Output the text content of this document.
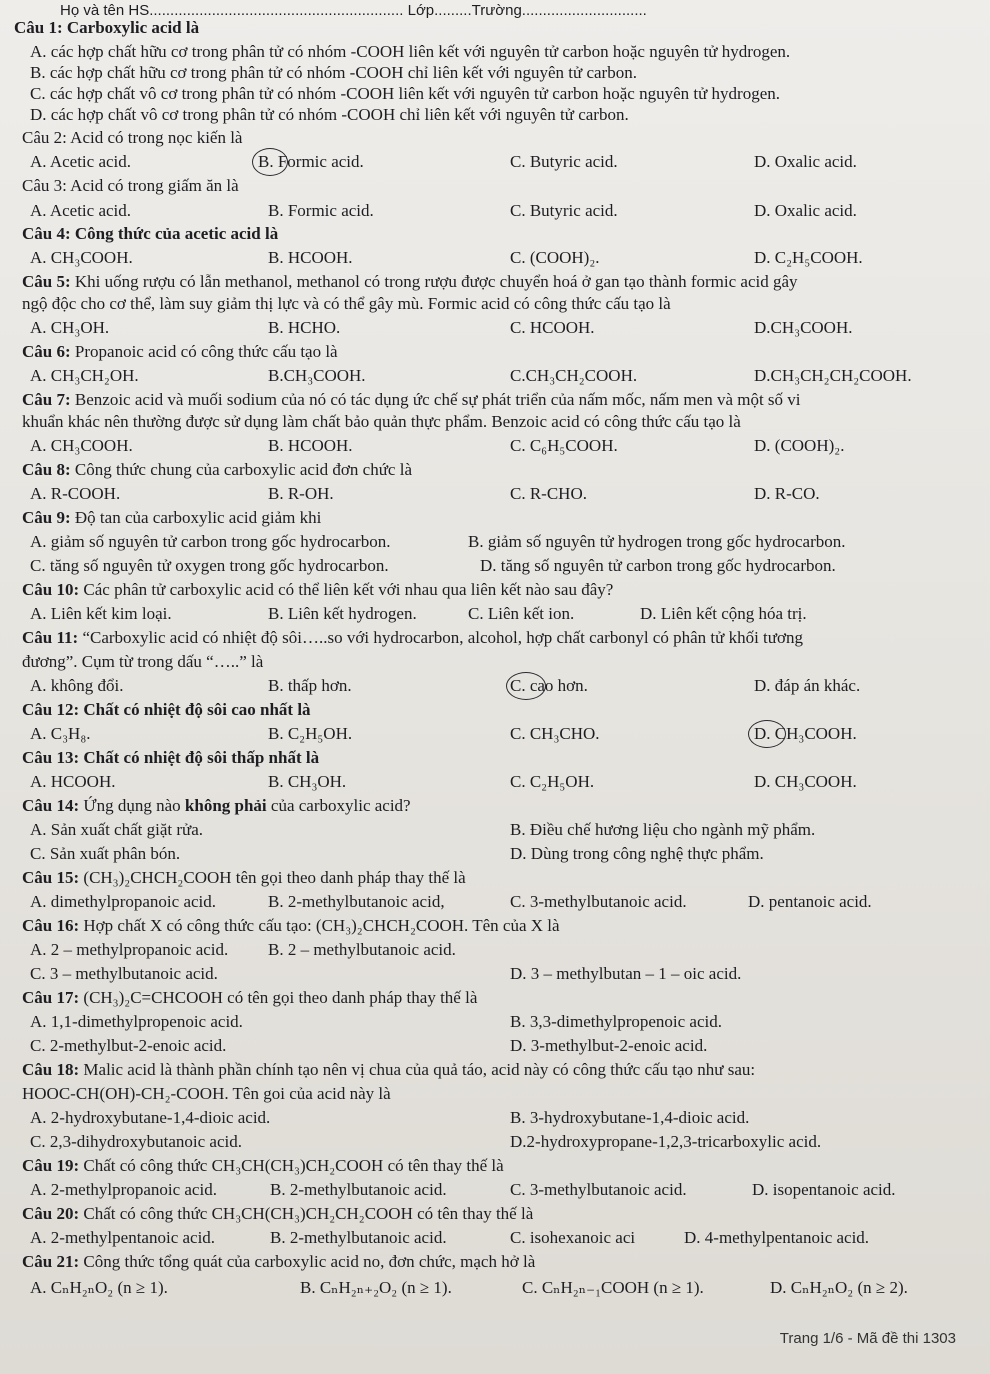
Họ và tên HS............................................................. Lớp.........Trường..............................
Câu 1: Carboxylic acid là
A. các hợp chất hữu cơ trong phân tử có nhóm -COOH liên kết với nguyên tử carbon hoặc nguyên tử hydrogen.
B. các hợp chất hữu cơ trong phân tử có nhóm -COOH chỉ liên kết với nguyên tử carbon.
C. các hợp chất vô cơ trong phân tử có nhóm -COOH liên kết với nguyên tử carbon hoặc nguyên tử hydrogen.
D. các hợp chất vô cơ trong phân tử có nhóm -COOH chỉ liên kết với nguyên tử carbon.
Câu 2: Acid có trong nọc kiến là
A. Acetic acid.	B. Formic acid.	C. Butyric acid.	D. Oxalic acid.
Câu 3: Acid có trong giấm ăn là
A. Acetic acid.	B. Formic acid.	C. Butyric acid.	D. Oxalic acid.
Câu 4: Công thức của acetic acid là
A. CH₃COOH.	B. HCOOH.	C. (COOH)₂.	D. C₂H₅COOH.
Câu 5: Khi uống rượu có lẫn methanol, methanol có trong rượu được chuyển hoá ở gan tạo thành formic acid gây
ngộ độc cho cơ thể, làm suy giảm thị lực và có thể gây mù. Formic acid có công thức cấu tạo là
A. CH₃OH.	B. HCHO.	C. HCOOH.	D.CH₃COOH.
Câu 6: Propanoic acid có công thức cấu tạo là
A. CH₃CH₂OH.	B.CH₃COOH.	C.CH₃CH₂COOH.	D.CH₃CH₂CH₂COOH.
Câu 7: Benzoic acid và muối sodium của nó có tác dụng ức chế sự phát triển của nấm mốc, nấm men và một số vi
khuẩn khác nên thường được sử dụng làm chất bảo quản thực phẩm. Benzoic acid có công thức cấu tạo là
A. CH₃COOH.	B. HCOOH.	C. C₆H₅COOH.	D. (COOH)₂.
Câu 8: Công thức chung của carboxylic acid đơn chức là
A. R-COOH.	B. R-OH.	C. R-CHO.	D. R-CO.
Câu 9: Độ tan của carboxylic acid giảm khi
A. giảm số nguyên tử carbon trong gốc hydrocarbon.	B. giảm số nguyên tử hydrogen trong gốc hydrocarbon.
C. tăng số nguyên tử oxygen trong gốc hydrocarbon.	D. tăng số nguyên tử carbon trong gốc hydrocarbon.
Câu 10: Các phân tử carboxylic acid có thể liên kết với nhau qua liên kết nào sau đây?
A. Liên kết kim loại.	B. Liên kết hydrogen.	C. Liên kết ion.	D. Liên kết cộng hóa trị.
Câu 11: “Carboxylic acid có nhiệt độ sôi…..so với hydrocarbon, alcohol, hợp chất carbonyl có phân tử khối tương
đương”. Cụm từ trong dấu “…..” là
A. không đổi.	B. thấp hơn.	C. cao hơn.	D. đáp án khác.
Câu 12: Chất có nhiệt độ sôi cao nhất là
A. C₃H₈.	B. C₂H₅OH.	C. CH₃CHO.	D. CH₃COOH.
Câu 13: Chất có nhiệt độ sôi thấp nhất là
A. HCOOH.	B. CH₃OH.	C. C₂H₅OH.	D. CH₃COOH.
Câu 14: Ứng dụng nào không phải của carboxylic acid?
A. Sản xuất chất giặt rửa.	B. Điều chế hương liệu cho ngành mỹ phẩm.
C. Sản xuất phân bón.	D. Dùng trong công nghệ thực phẩm.
Câu 15: (CH₃)₂CHCH₂COOH tên gọi theo danh pháp thay thế là
A. dimethylpropanoic acid.	B. 2-methylbutanoic acid,	C. 3-methylbutanoic acid.	D. pentanoic acid.
Câu 16: Hợp chất X có công thức cấu tạo: (CH₃)₂CHCH₂COOH. Tên của X là
A. 2 – methylpropanoic acid. B. 2 – methylbutanoic acid.
C. 3 – methylbutanoic acid.	D. 3 – methylbutan – 1 – oic acid.
Câu 17: (CH₃)₂C=CHCOOH có tên gọi theo danh pháp thay thế là
A. 1,1-dimethylpropenoic acid.	B. 3,3-dimethylpropenoic acid.
C. 2-methylbut-2-enoic acid.	D. 3-methylbut-2-enoic acid.
Câu 18: Malic acid là thành phần chính tạo nên vị chua của quả táo, acid này có công thức cấu tạo như sau:
HOOC-CH(OH)-CH₂-COOH. Tên goi của acid này là
A. 2-hydroxybutane-1,4-dioic acid.	B. 3-hydroxybutane-1,4-dioic acid.
C. 2,3-dihydroxybutanoic acid.	D.2-hydroxypropane-1,2,3-tricarboxylic acid.
Câu 19: Chất có công thức CH₃CH(CH₃)CH₂COOH có tên thay thế là
A. 2-methylpropanoic acid.	B. 2-methylbutanoic acid.	C. 3-methylbutanoic acid.	D. isopentanoic acid.
Câu 20: Chất có công thức CH₃CH(CH₃)CH₂CH₂COOH có tên thay thế là
A. 2-methylpentanoic acid.	B. 2-methylbutanoic acid.	C. isohexanoic aci	D. 4-methylpentanoic acid.
Câu 21: Công thức tổng quát của carboxylic acid no, đơn chức, mạch hở là
A. CₙH₂ₙO₂ (n ≥ 1).	B. CₙH₂ₙ₊₂O₂ (n ≥ 1).	C. CₙH₂ₙ₋₁COOH (n ≥ 1).	D. CₙH₂ₙO₂ (n ≥ 2).
Trang 1/6 - Mã đề thi 1303
